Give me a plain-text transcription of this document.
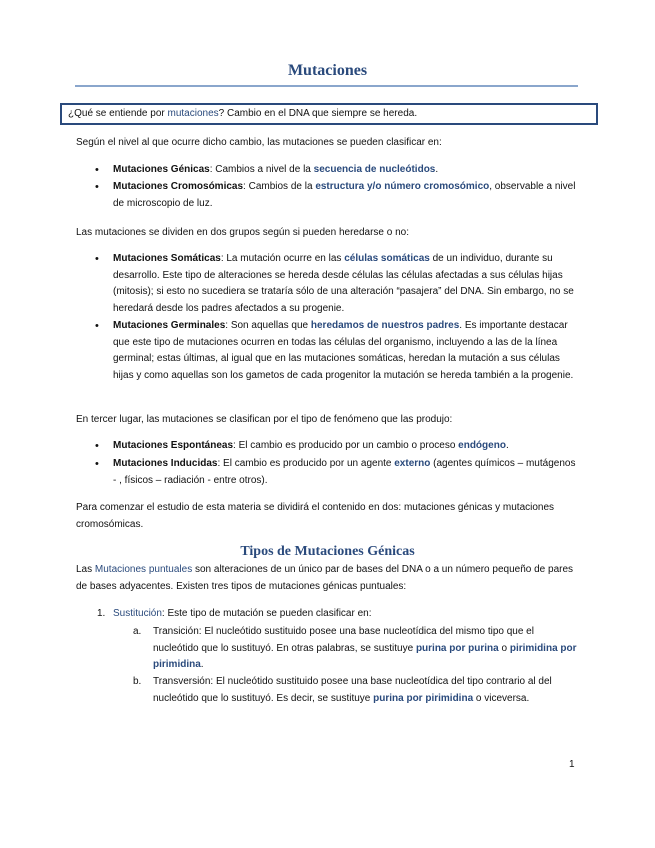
Mutaciones
¿Qué se entiende por mutaciones? Cambio en el DNA que siempre se hereda.
Según el nivel al que ocurre dicho cambio, las mutaciones se pueden clasificar en:
• Mutaciones Génicas: Cambios a nivel de la secuencia de nucleótidos.
• Mutaciones Cromosómicas: Cambios de la estructura y/o número cromosómico, observable a nivel de microscopio de luz.
Las mutaciones se dividen en dos grupos según si pueden heredarse o no:
• Mutaciones Somáticas: La mutación ocurre en las células somáticas de un individuo, durante su desarrollo. Este tipo de alteraciones se hereda desde células las células afectadas a sus células hijas (mitosis); si esto no sucediera se trataría sólo de una alteración “pasajera” del DNA. Sin embargo, no se heredará desde los padres afectados a su progenie.
• Mutaciones Germinales: Son aquellas que heredamos de nuestros padres. Es importante destacar que este tipo de mutaciones ocurren en todas las células del organismo, incluyendo a las de la línea germinal; estas últimas, al igual que en las mutaciones somáticas, heredan la mutación a sus células hijas y como aquellas son los gametos de cada progenitor la mutación se hereda también a la progenie.
En tercer lugar, las mutaciones se clasifican por el tipo de fenómeno que las produjo:
• Mutaciones Espontáneas: El cambio es producido por un cambio o proceso endógeno.
• Mutaciones Inducidas: El cambio es producido por un agente externo (agentes químicos – mutágenos - , físicos – radiación - entre otros).
Para comenzar el estudio de esta materia se dividirá el contenido en dos: mutaciones génicas y mutaciones cromosómicas.
Tipos de Mutaciones Génicas
Las Mutaciones puntuales son alteraciones de un único par de bases del DNA o a un número pequeño de pares de bases adyacentes. Existen tres tipos de mutaciones génicas puntuales:
1. Sustitución: Este tipo de mutación se pueden clasificar en:
a. Transición: El nucleótido sustituido posee una base nucleotídica del mismo tipo que el nucleótido que lo sustituyó. En otras palabras, se sustituye purina por purina o pirimidina por pirimidina.
b. Transversión: El nucleótido sustituido posee una base nucleotídica del tipo contrario al del nucleótido que lo sustituyó. Es decir, se sustituye purina por pirimidina o viceversa.
1
